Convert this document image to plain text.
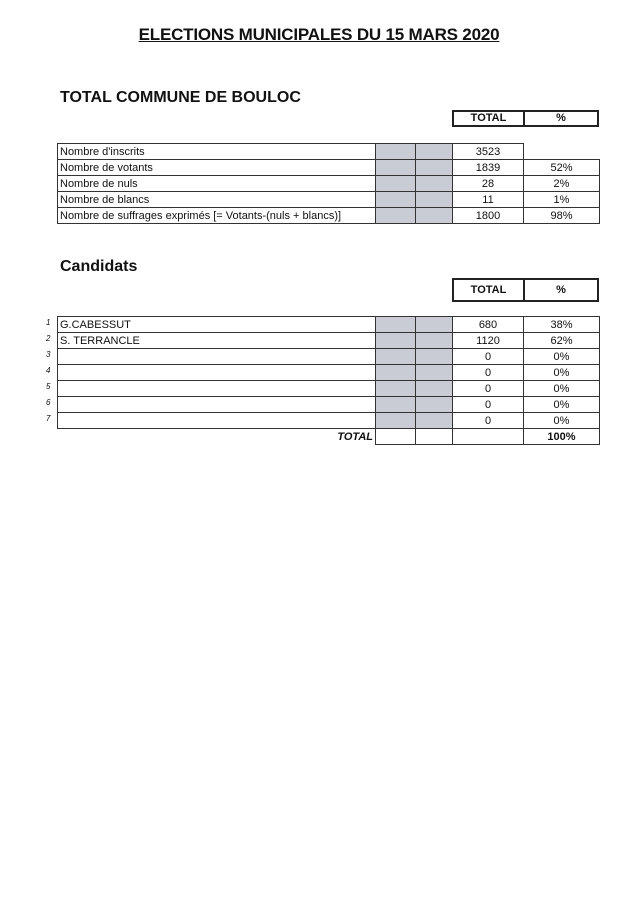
ELECTIONS MUNICIPALES DU 15 MARS 2020
TOTAL COMMUNE DE BOULOC
TOTAL	%
Nombre d'inscrits			3523	
Nombre de votants			1839	52%
Nombre de nuls			28	2%
Nombre de blancs			11	1%
Nombre de suffrages exprimés [= Votants-(nuls + blancs)]			1800	98%
Candidats
TOTAL	%
1
2
3
4
5
6
7
G.CABESSUT			680	38%
S. TERRANCLE			1120	62%
			0	0%
			0	0%
			0	0%
			0	0%
			0	0%
TOTAL				100%
